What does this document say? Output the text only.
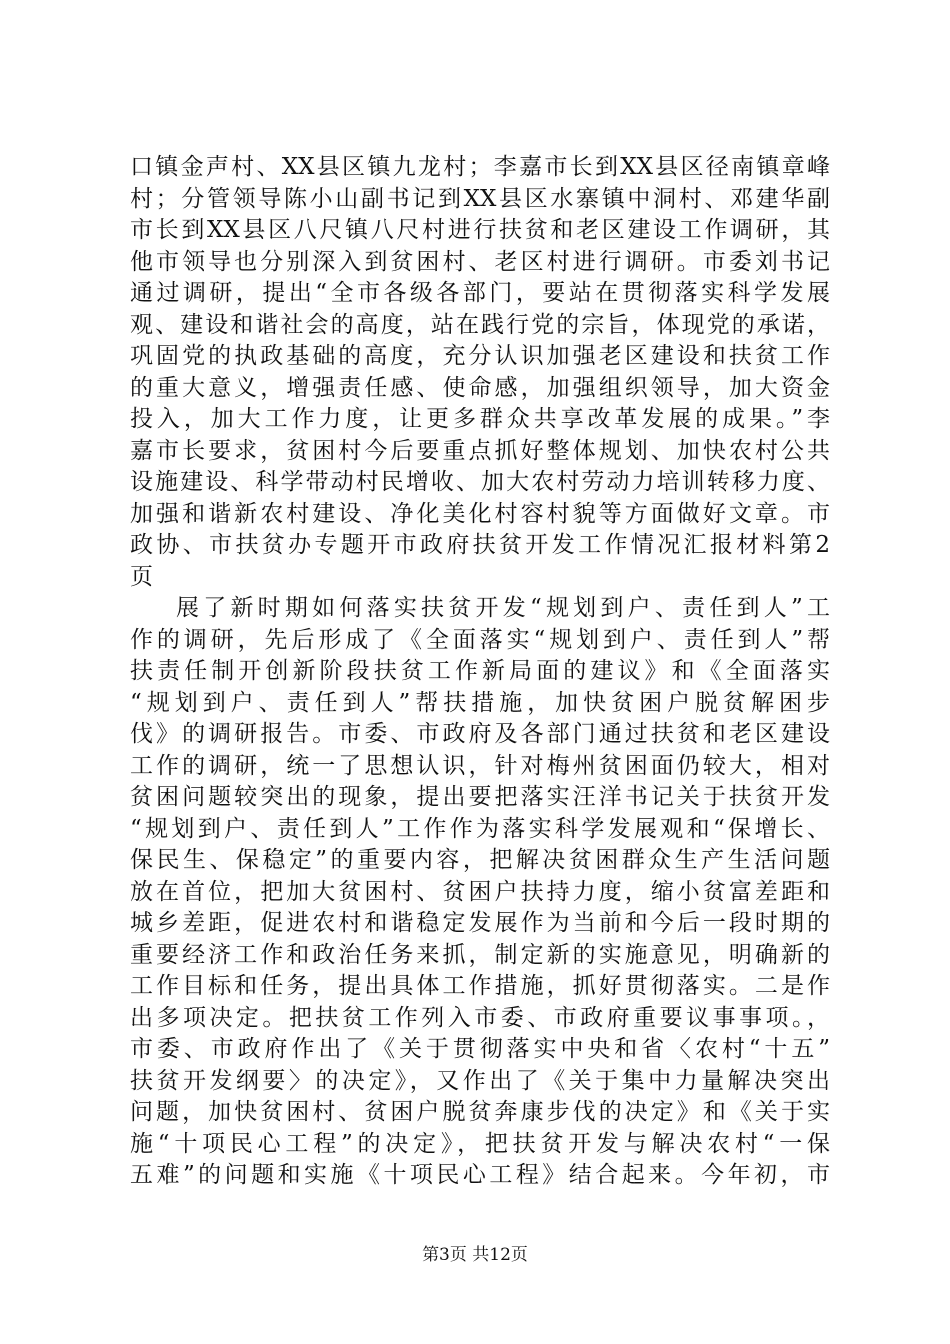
口镇金声村、XX县区镇九龙村；李嘉市长到XX县区径南镇章峰
村；分管领导陈小山副书记到XX县区水寨镇中洞村、邓建华副
市长到XX县区八尺镇八尺村进行扶贫和老区建设工作调研，其
他市领导也分别深入到贫困村、老区村进行调研。市委刘书记
通过调研，提出“全市各级各部门，要站在贯彻落实科学发展
观、建设和谐社会的高度，站在践行党的宗旨，体现党的承诺，
巩固党的执政基础的高度，充分认识加强老区建设和扶贫工作
的重大意义，增强责任感、使命感，加强组织领导，加大资金
投入，加大工作力度，让更多群众共享改革发展的成果。”李
嘉市长要求，贫困村今后要重点抓好整体规划、加快农村公共
设施建设、科学带动村民增收、加大农村劳动力培训转移力度、
加强和谐新农村建设、净化美化村容村貌等方面做好文章。市
政协、市扶贫办专题开市政府扶贫开发工作情况汇报材料第2
页
展了新时期如何落实扶贫开发“规划到户、责任到人”工
作的调研，先后形成了《全面落实“规划到户、责任到人”帮
扶责任制开创新阶段扶贫工作新局面的建议》和《全面落实
“规划到户、责任到人”帮扶措施，加快贫困户脱贫解困步
伐》的调研报告。市委、市政府及各部门通过扶贫和老区建设
工作的调研，统一了思想认识，针对梅州贫困面仍较大，相对
贫困问题较突出的现象，提出要把落实汪洋书记关于扶贫开发
“规划到户、责任到人”工作作为落实科学发展观和“保增长、
保民生、保稳定”的重要内容，把解决贫困群众生产生活问题
放在首位，把加大贫困村、贫困户扶持力度，缩小贫富差距和
城乡差距，促进农村和谐稳定发展作为当前和今后一段时期的
重要经济工作和政治任务来抓，制定新的实施意见，明确新的
工作目标和任务，提出具体工作措施，抓好贯彻落实。二是作
出多项决定。把扶贫工作列入市委、市政府重要议事事项。，
市委、市政府作出了《关于贯彻落实中央和省〈农村“十五”
扶贫开发纲要〉的决定》，又作出了《关于集中力量解决突出
问题，加快贫困村、贫困户脱贫奔康步伐的决定》和《关于实
施“十项民心工程”的决定》，把扶贫开发与解决农村“一保
五难”的问题和实施《十项民心工程》结合起来。今年初，市
第3页 共12页
